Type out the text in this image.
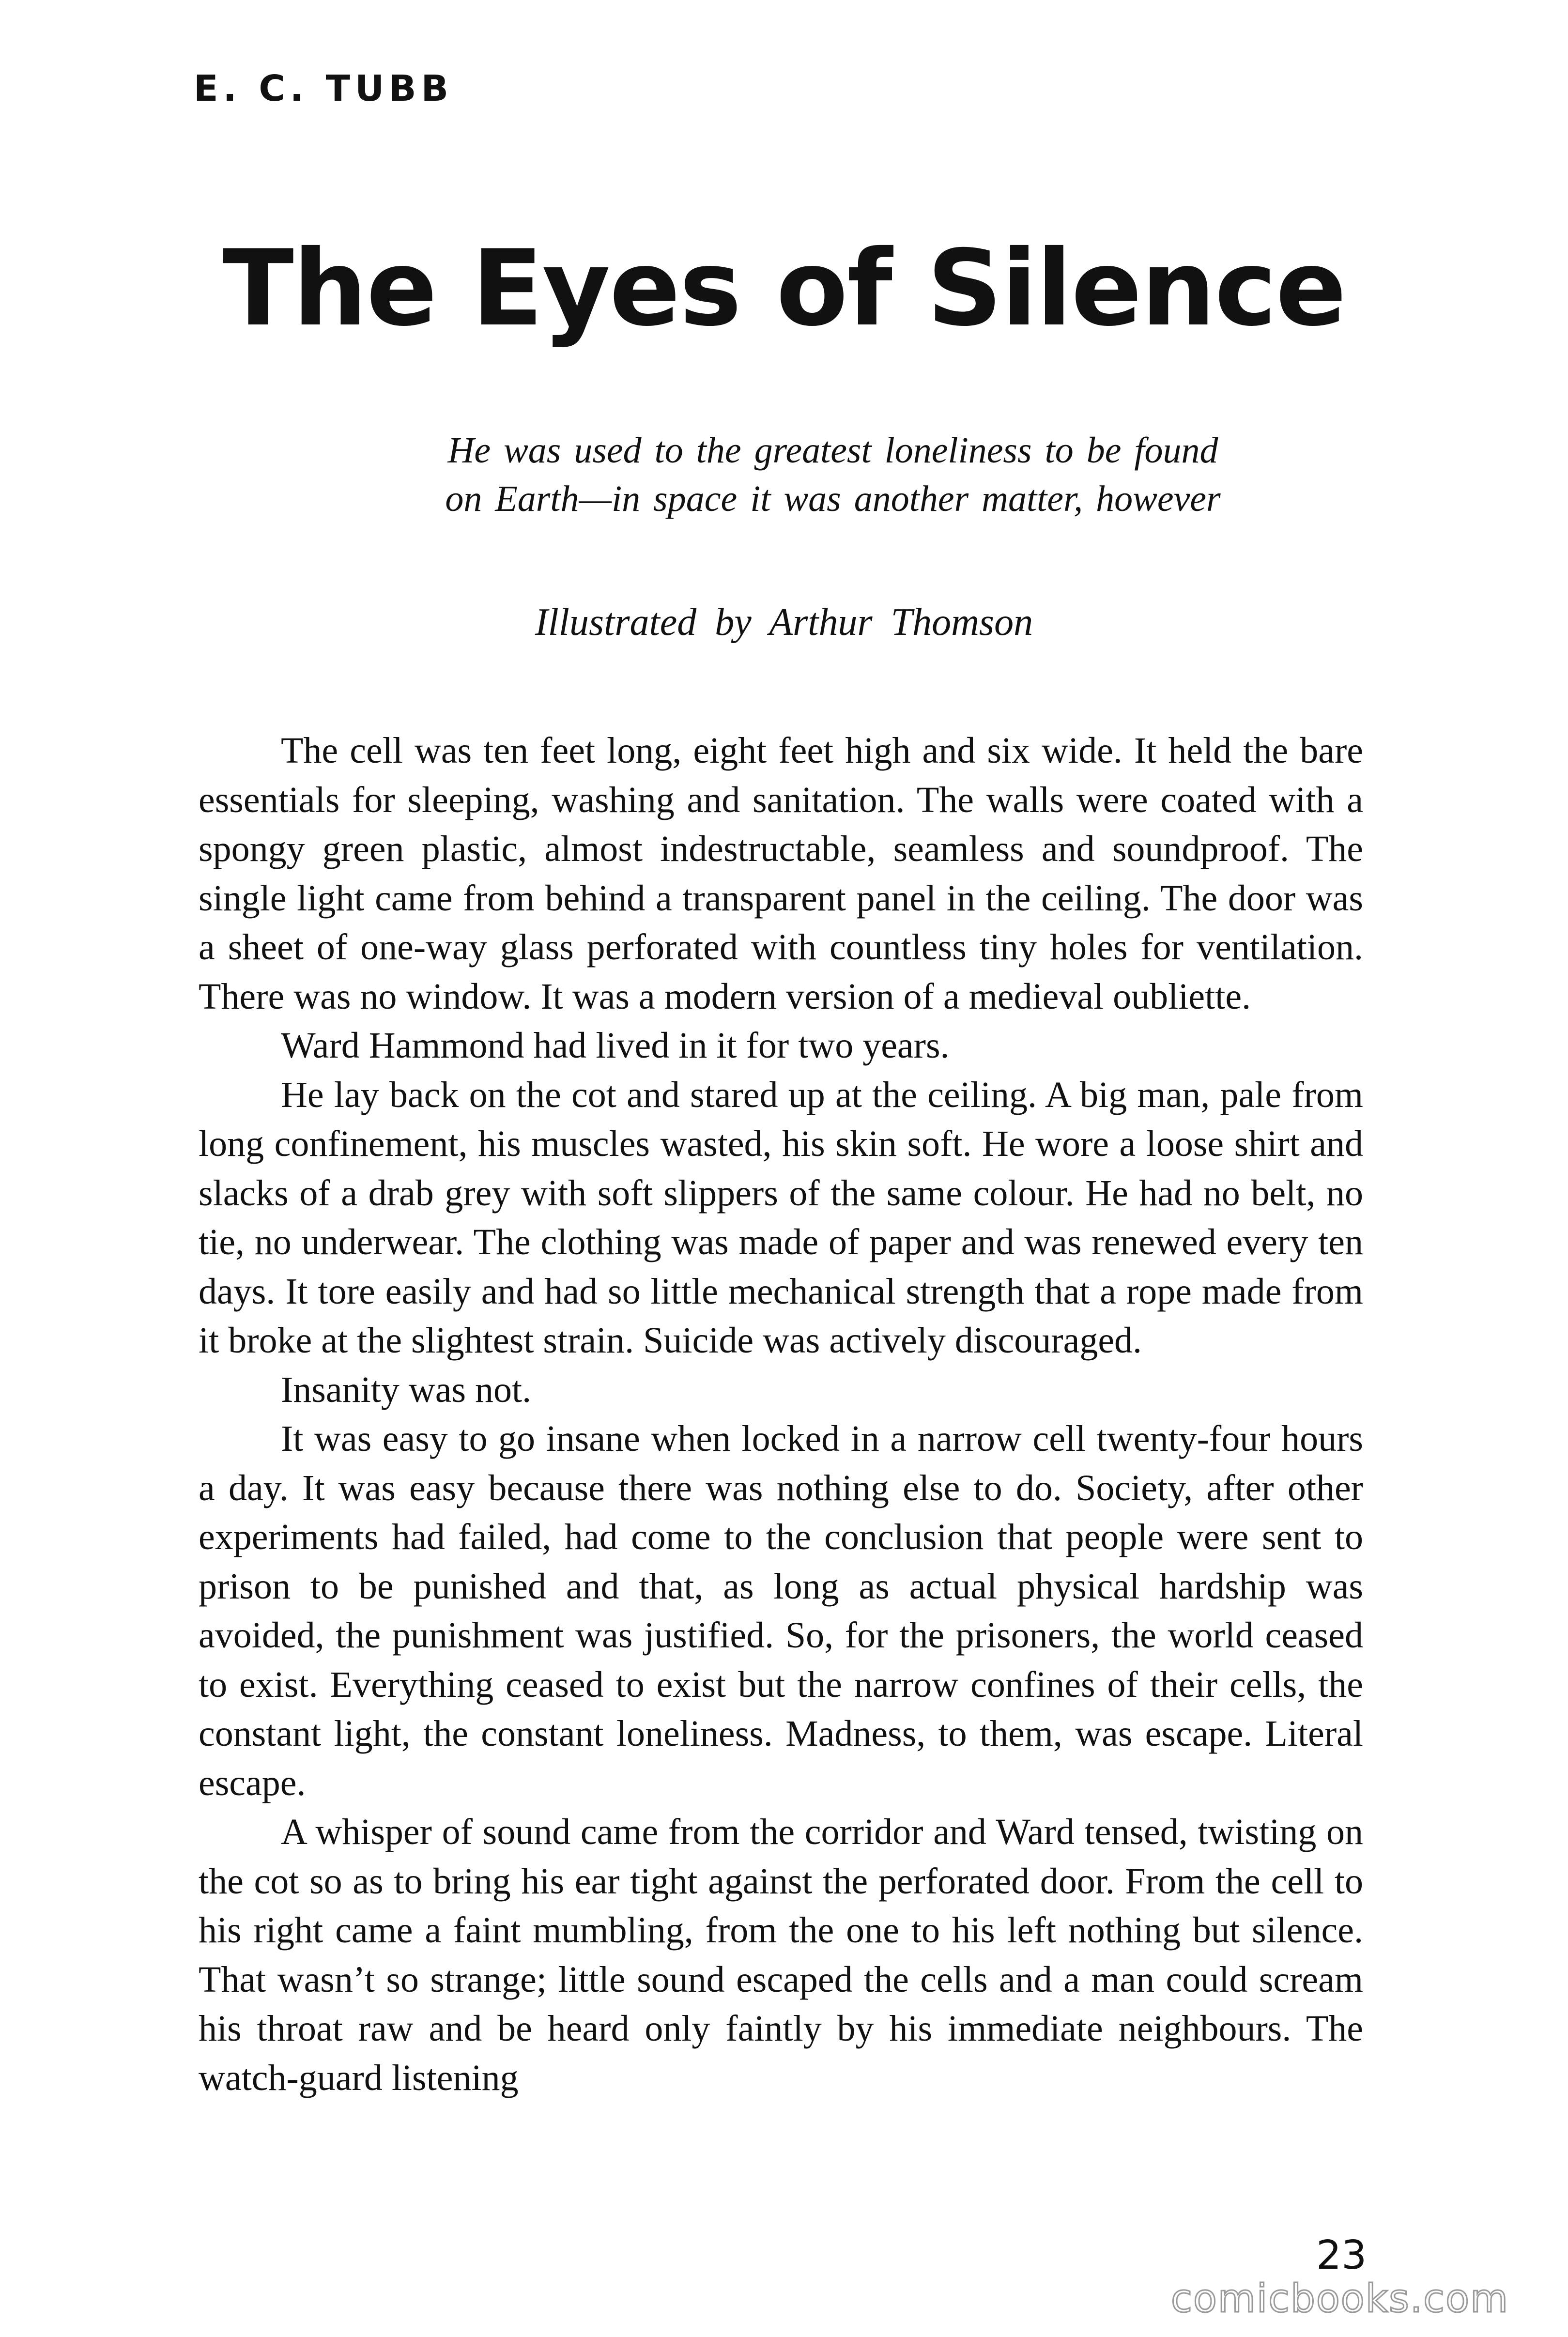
E. C. TUBB
The Eyes of Silence
He was used to the greatest loneliness to be found
on Earth—in space it was another matter, however
Illustrated by Arthur Thomson

The cell was ten feet long, eight feet high and six wide. It held the bare essentials for sleeping, washing and sanitation. The walls were coated with a spongy green plastic, almost indestructable, seamless and soundproof. The single light came from behind a transparent panel in the ceiling. The door was a sheet of one-way glass perforated with countless tiny holes for ventilation. There was no window. It was a modern version of a medieval oubliette.

Ward Hammond had lived in it for two years.

He lay back on the cot and stared up at the ceiling. A big man, pale from long confinement, his muscles wasted, his skin soft. He wore a loose shirt and slacks of a drab grey with soft slippers of the same colour. He had no belt, no tie, no underwear. The clothing was made of paper and was renewed every ten days. It tore easily and had so little mechanical strength that a rope made from it broke at the slightest strain. Suicide was actively discouraged.

Insanity was not.

It was easy to go insane when locked in a narrow cell twenty-four hours a day. It was easy because there was nothing else to do. Society, after other experiments had failed, had come to the conclusion that people were sent to prison to be punished and that, as long as actual physical hardship was avoided, the punishment was justified. So, for the prisoners, the world ceased to exist. Everything ceased to exist but the narrow confines of their cells, the constant light, the constant loneliness. Madness, to them, was escape. Literal escape.

A whisper of sound came from the corridor and Ward tensed, twisting on the cot so as to bring his ear tight against the perforated door. From the cell to his right came a faint mumbling, from the one to his left nothing but silence. That wasn’t so strange; little sound escaped the cells and a man could scream his throat raw and be heard only faintly by his immediate neighbours. The watch-guard listening

23
comicbooks.com
